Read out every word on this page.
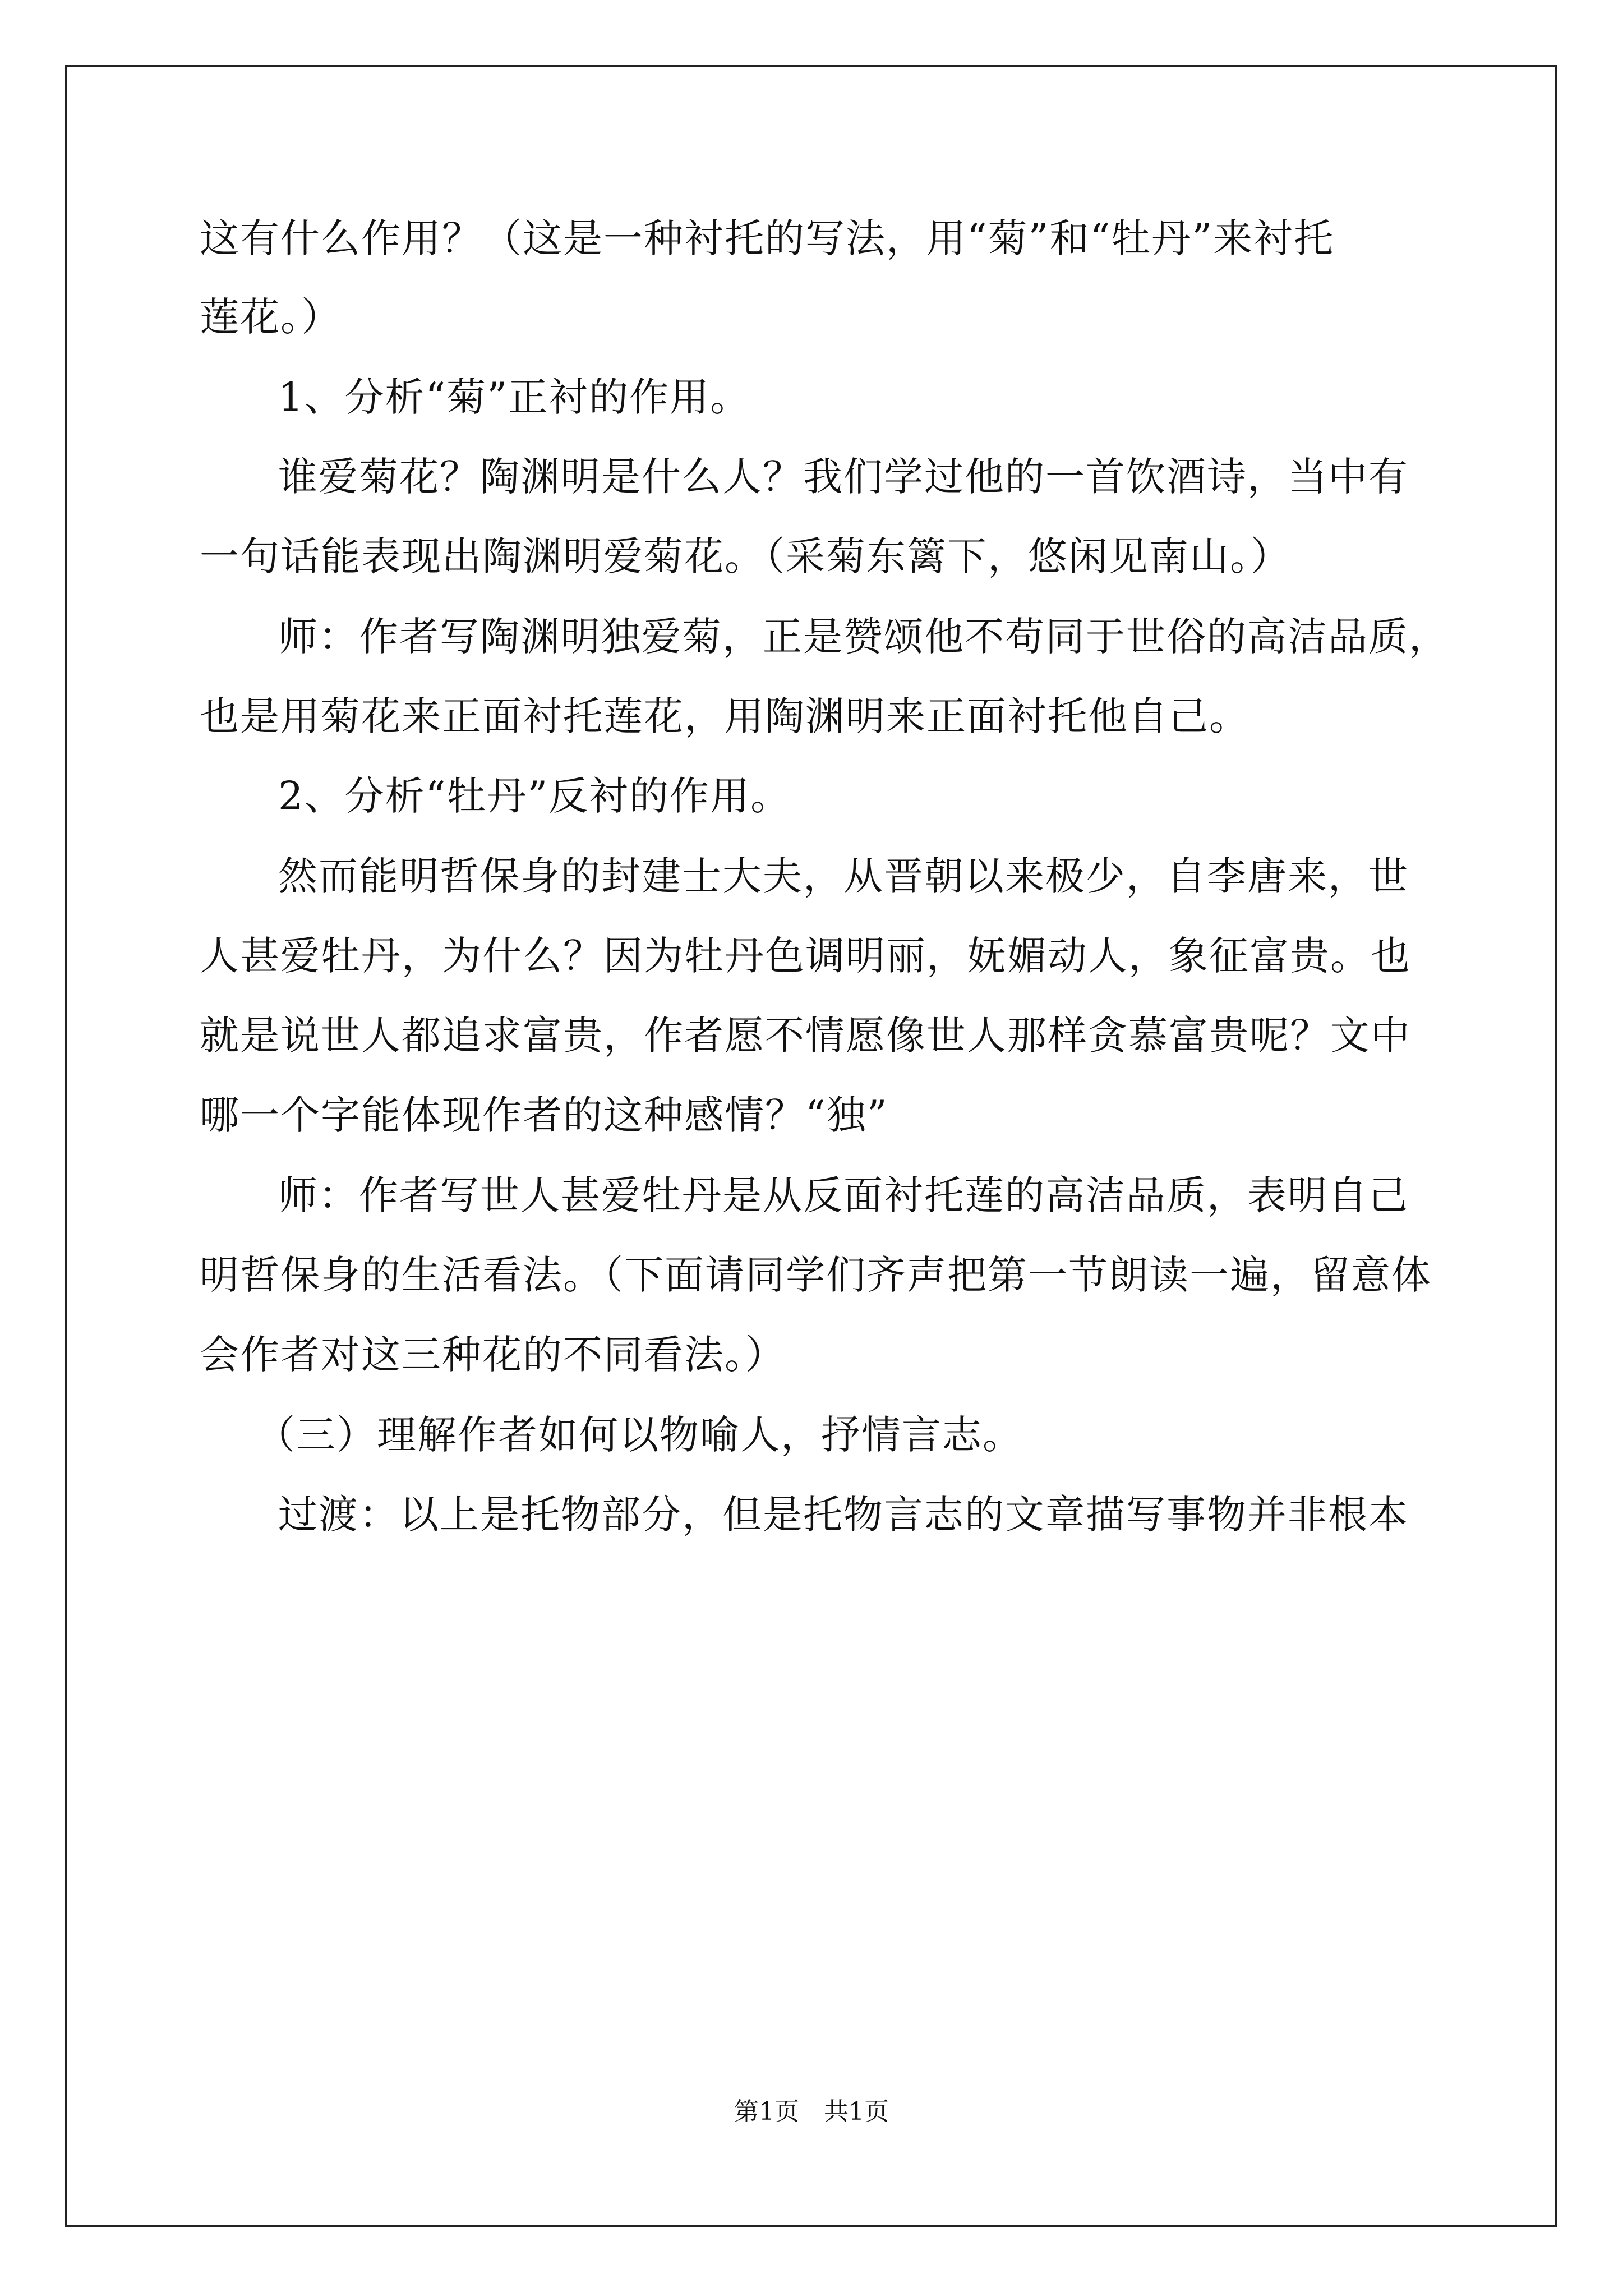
这有什么作用？（这是一种衬托的写法，用“菊”和“牡丹”来衬托
莲花。）
1、分析“菊”正衬的作用。
谁爱菊花？陶渊明是什么人？我们学过他的一首饮酒诗，当中有
一句话能表现出陶渊明爱菊花。（采菊东篱下，悠闲见南山。）
师：作者写陶渊明独爱菊，正是赞颂他不苟同于世俗的高洁品质，
也是用菊花来正面衬托莲花，用陶渊明来正面衬托他自己。
2、分析“牡丹”反衬的作用。
然而能明哲保身的封建士大夫，从晋朝以来极少，自李唐来，世
人甚爱牡丹，为什么？因为牡丹色调明丽，妩媚动人，象征富贵。也
就是说世人都追求富贵，作者愿不情愿像世人那样贪慕富贵呢？文中
哪一个字能体现作者的这种感情？“独”
师：作者写世人甚爱牡丹是从反面衬托莲的高洁品质，表明自己
明哲保身的生活看法。（下面请同学们齐声把第一节朗读一遍，留意体
会作者对这三种花的不同看法。）
（三）理解作者如何以物喻人，抒情言志。
过渡：以上是托物部分，但是托物言志的文章描写事物并非根本
第1页　共1页
